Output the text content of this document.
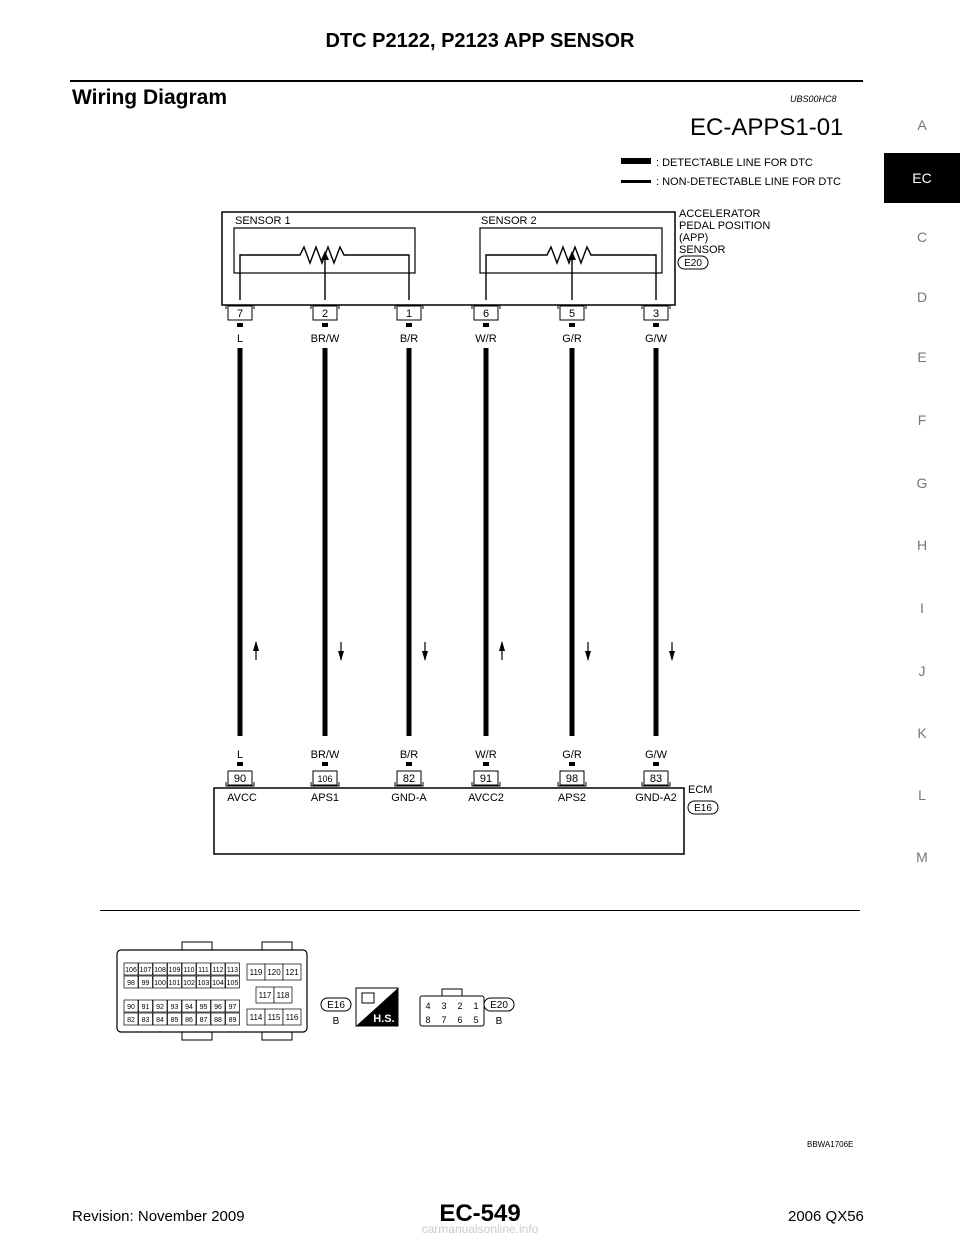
DTC P2122, P2123 APP SENSOR
Wiring Diagram	UBS00HC8
EC-APPS1-01	A
EC
C
D
E
F
G
H
I
J
K
L
M
: DETECTABLE LINE FOR DTC
: NON-DETECTABLE LINE FOR DTC
SENSOR 1	SENSOR 2
ACCELERATOR
PEDAL POSITION
(APP)
SENSOR
E20
7
L
L
90
AVCC
2
BR/W
BR/W
106
APS1
1
B/R
B/R
82
GND-A
6
W/R
W/R
91
AVCC2
5
G/R
G/R
98
APS2
3
G/W
G/W
83
GND-A2
ECM
E16
106 107 108 109 110 111 112 113
98 99 100 101 102 103 104 105
90 91 92 93 94 95 96 97
82 83 84 85 86 87 88 89
119 120 121
117 118
114 115 116
E16
B	H.S.
4 3 2 1
8 7 6 5
E20
B
BBWA1706E
Revision: November 2009	EC-549	2006 QX56
carmanualsonline.info
